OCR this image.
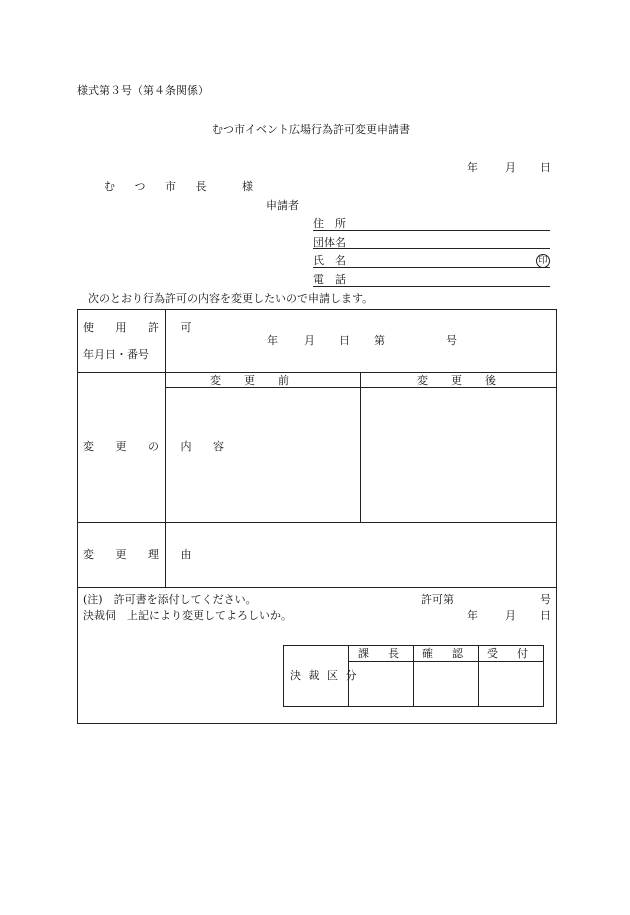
様式第３号（第４条関係）
むつ市イベント広場行為許可変更申請書
年 月 日
む つ 市 長	様
申請者
住　所
団体名
氏　名	印
電　話
次のとおり行為許可の内容を変更したいので申請します。
使 用 許 可
年月日・番号
年 月 日 第	号
変　更　前	変　更　後
変 更 の 内 容
変 更 理 由
(注)　許可書を添付してください。	許可第	号
決裁伺　上記により変更してよろしいか。	年 月 日
決 裁 区 分
課　長 確　認 受　付
